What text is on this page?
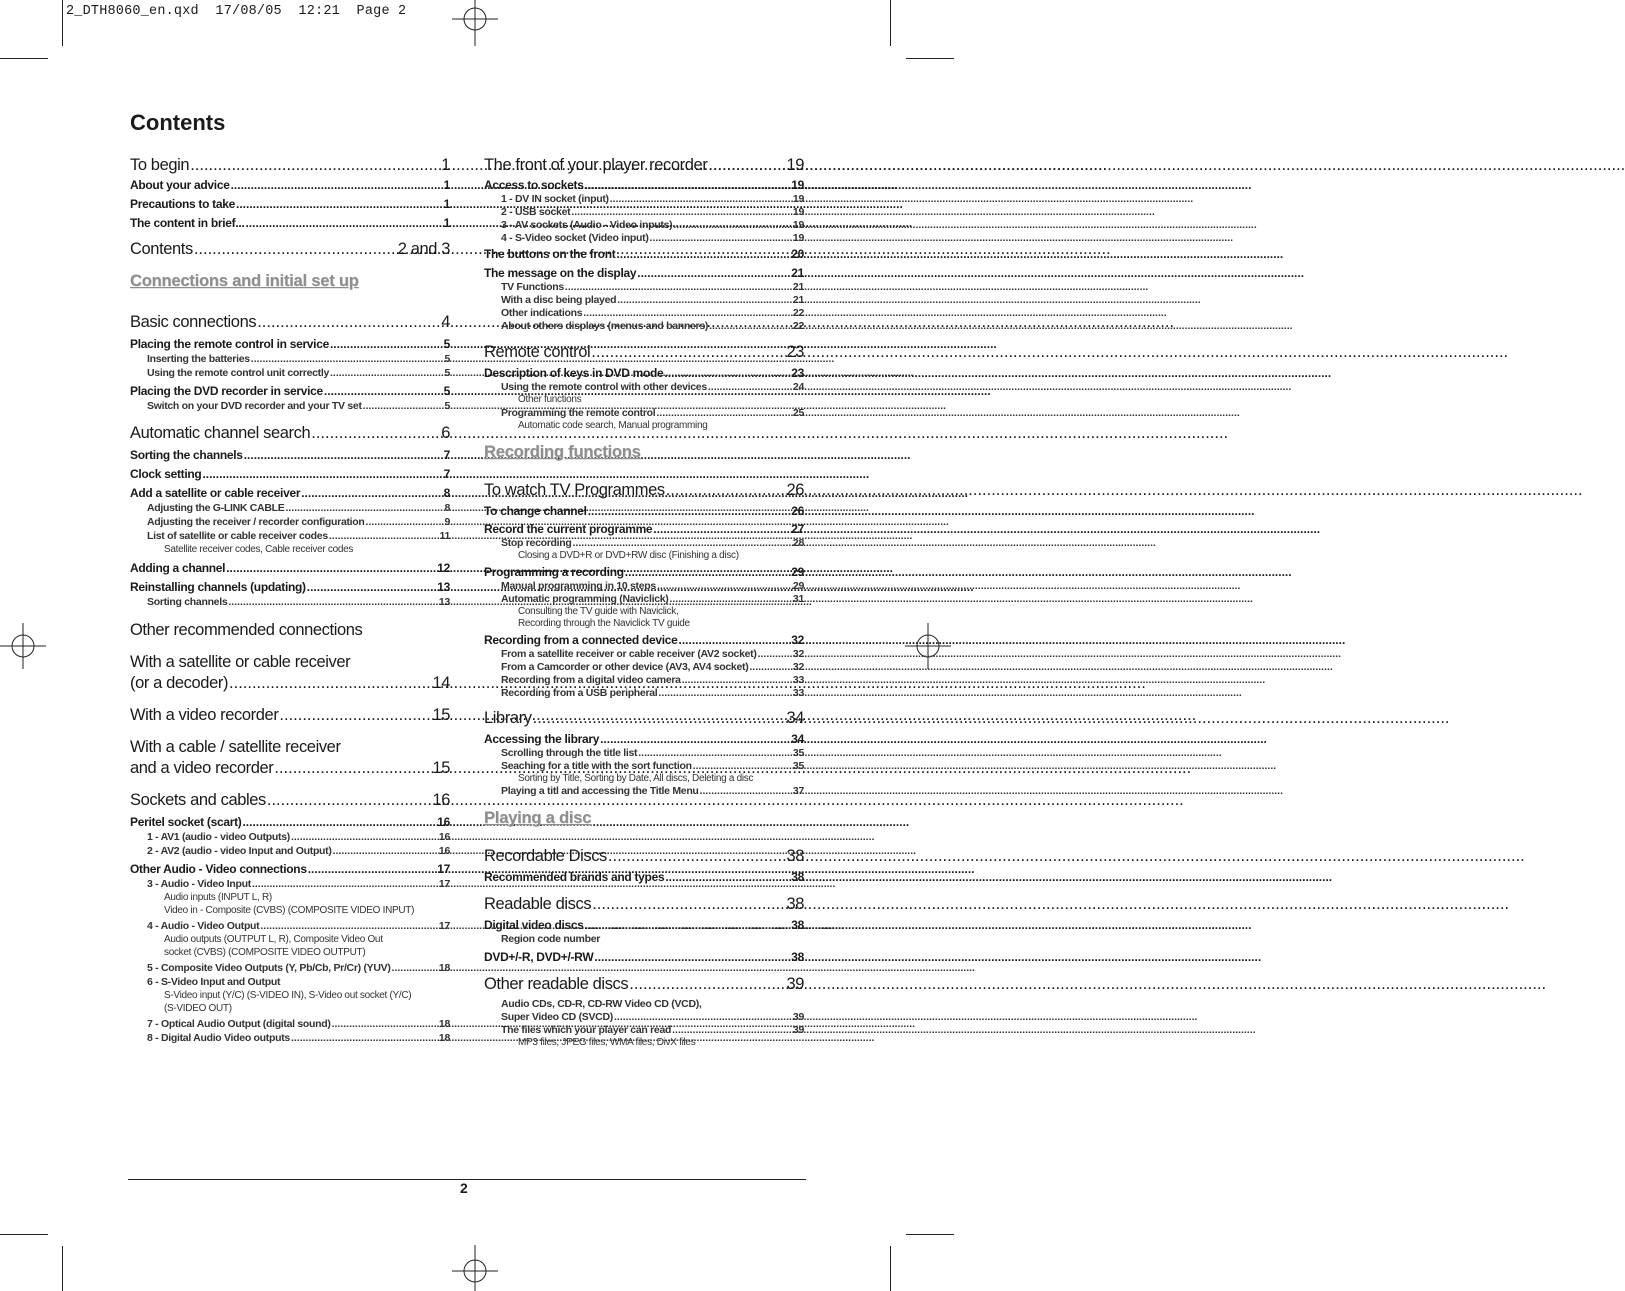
2_DTH8060_en.qxd  17/08/05  12:21  Page 2
Contents
To begin .....	1
About your advice .....	1
Precautions to take .....	1
The content in brief... .....	1
Contents .....	2 and 3
Connections and initial set up
Basic connections .....	4
Placing the remote control in service .....	5
Inserting the batteries .....	5
Using the remote control unit correctly .....	5
Placing the DVD recorder in service .....	5
Switch on your DVD recorder and your TV set .....	5
Automatic channel search .....	6
Sorting the channels .....	7
Clock setting .....	7
Add a satellite or cable receiver .....	8
Adjusting the G-LINK CABLE .....	8
Adjusting the receiver / recorder configuration .....	9
List of satellite or cable receiver codes .....	11
Satellite receiver codes, Cable receiver codes
Adding a channel .....	12
Reinstalling channels (updating) .....	13
Sorting channels .....	13
Other recommended connections
With a satellite or cable receiver
(or a decoder) .....	14
With a video recorder .....	15
With a cable / satellite receiver
and a video recorder .....	15
Sockets and cables .....	16
Peritel socket (scart) .....	16
1 - AV1 (audio - video Outputs) .....	16
2 - AV2 (audio - video Input and Output) .....	16
Other Audio - Video connections .....	17
3 - Audio - Video Input .....	17
Audio inputs (INPUT L, R)
Video in - Composite (CVBS) (COMPOSITE VIDEO INPUT)
4 - Audio - Video Output .....	17
Audio outputs (OUTPUT L, R), Composite Video Out
socket (CVBS) (COMPOSITE VIDEO OUTPUT)
5 - Composite Video Outputs (Y, Pb/Cb, Pr/Cr) (YUV) .....	18
6 - S-Video Input and Output
S-Video input (Y/C) (S-VIDEO IN), S-Video out socket (Y/C)
(S-VIDEO OUT)
7 - Optical Audio Output (digital sound) .....	18
8 - Digital Audio Video outputs .....	18
The front of your player recorder .....	19
Access to sockets .....	19
1 - DV IN socket (input) .....	19
2 - USB socket .....	19
3 - AV sockets (Audio - Video inputs) .....	19
4 - S-Video socket (Video input) .....	19
The buttons on the front .....	20
The message on the display .....	21
TV Functions .....	21
With a disc being played .....	21
Other indications .....	22
About others displays (menus and banners) .....	22
Remote control .....	23
Description of keys in DVD mode .....	23
Using the remote control with other devices .....	24
Other functions
Programming the remote control .....	25
Automatic code search, Manual programming
Recording functions
To watch TV Programmes .....	26
To change channel .....	26
Record the current programme .....	27
Stop recording .....	28
Closing a DVD+R or DVD+RW disc (Finishing a disc)
Programming a recording .....	29
Manual programming in 10 steps .....	29
Automatic programming (Naviclick) .....	31
Consulting the TV guide with Naviclick,
Recording through the Naviclick TV guide
Recording from a connected device .....	32
From a satellite receiver or cable receiver (AV2 socket) .....	32
From a Camcorder or other device (AV3, AV4 socket) .....	32
Recording from a digital video camera .....	33
Recording from a USB peripheral .....	33
Library .....	34
Accessing the library .....	34
Scrolling through the title list .....	35
Seaching for a title with the sort function .....	35
Sorting by Title, Sorting by Date, All discs, Deleting a disc
Playing a titl and accessing the Title Menu .....	37
Playing a disc
Recordable Discs .....	38
Recommended brands and types .....	38
Readable discs .....	38
Digital video discs .....	38
Region code number
DVD+/-R, DVD+/-RW .....	38
Other readable discs .....	39
Audio CDs, CD-R, CD-RW Video CD (VCD),
Super Video CD (SVCD) .....	39
The files which your player can read .....	39
MP3 files, JPEG files, WMA files, DivX files
2
